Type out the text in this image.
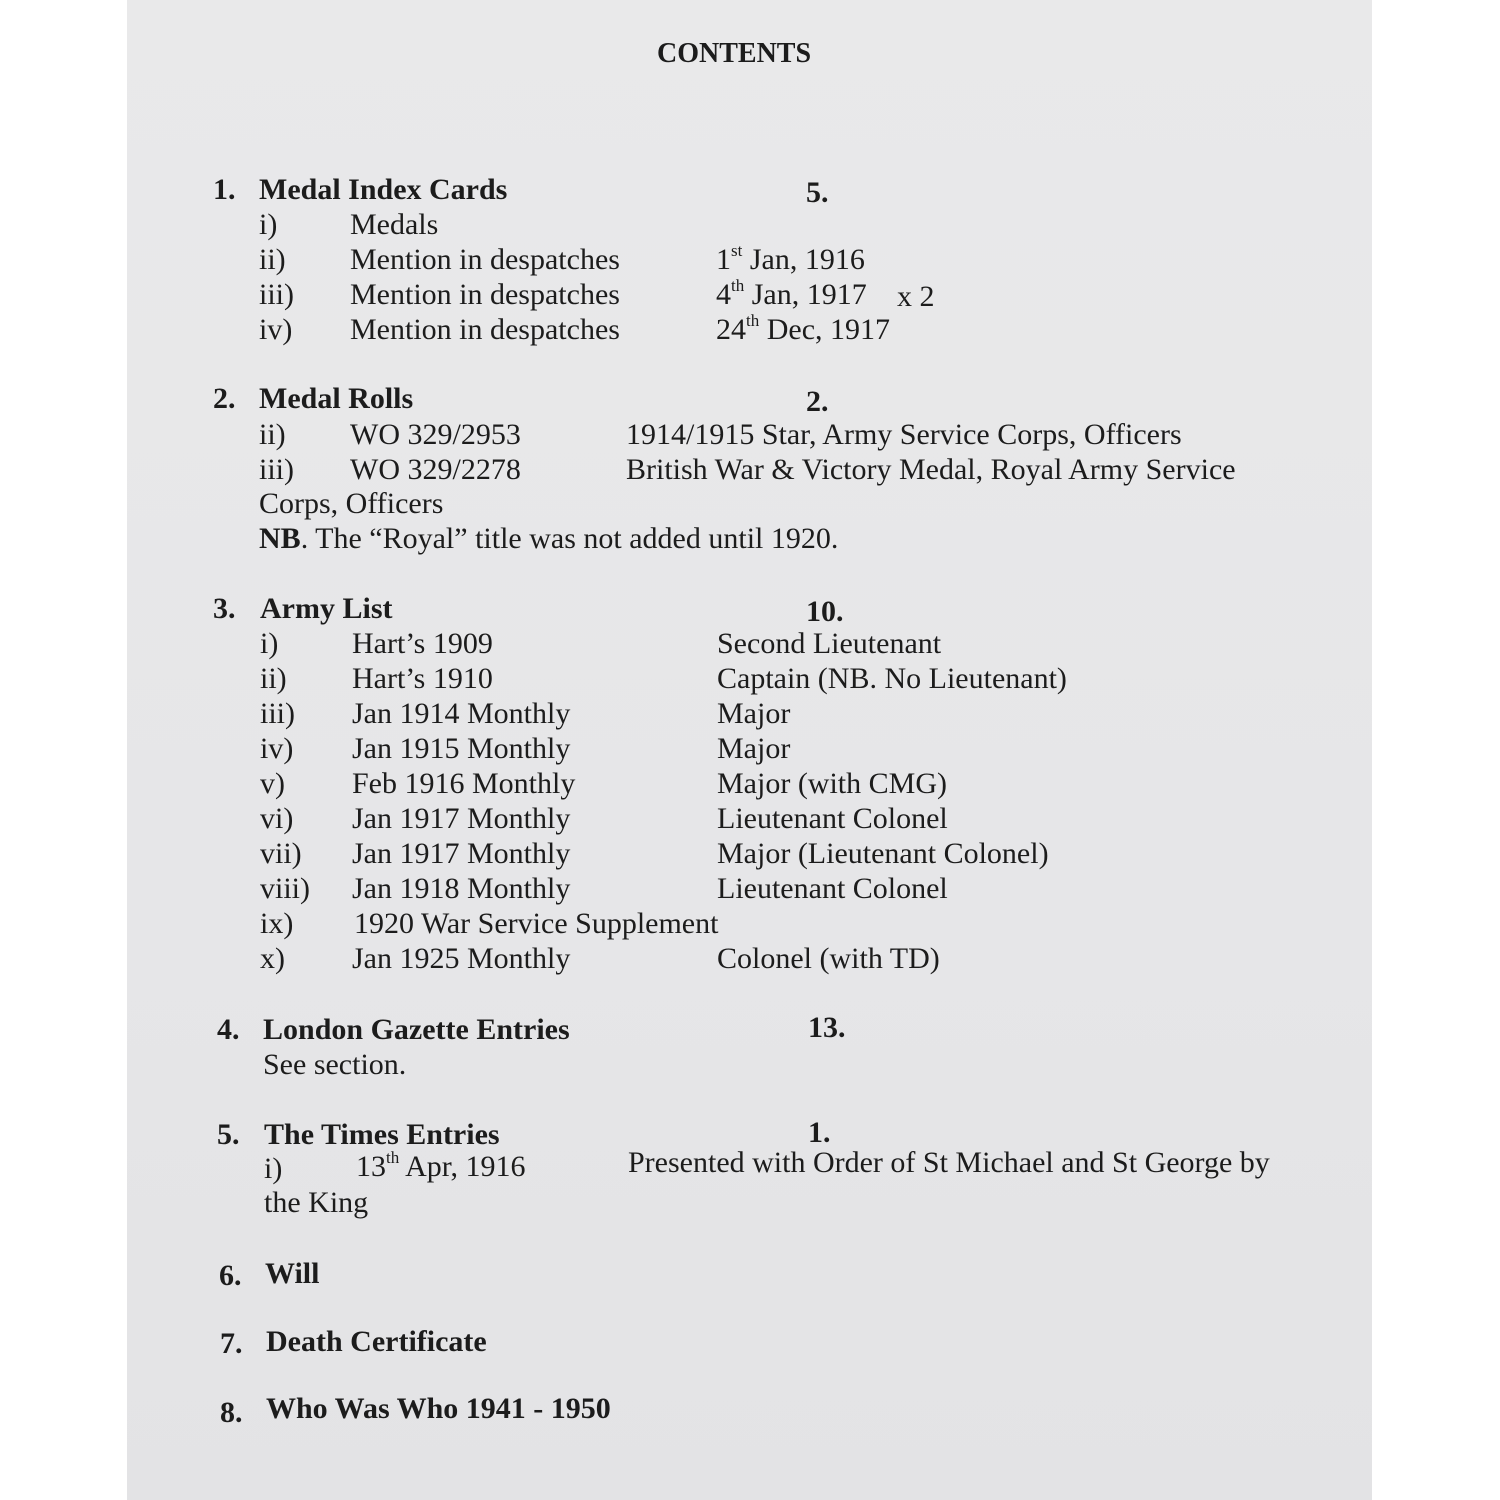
CONTENTS
1. Medal Index Cards	5.
i) Medals
ii) Mention in despatches	1st Jan, 1916
iii) Mention in despatches	4th Jan, 1917 x 2
iv) Mention in despatches	24th Dec, 1917
2. Medal Rolls	2.
ii) WO 329/2953	1914/1915 Star, Army Service Corps, Officers
iii) WO 329/2278	British War & Victory Medal, Royal Army Service
Corps, Officers
NB. The “Royal” title was not added until 1920.
3. Army List	10.
i) Hart’s 1909	Second Lieutenant
ii) Hart’s 1910	Captain (NB. No Lieutenant)
iii) Jan 1914 Monthly	Major
iv) Jan 1915 Monthly	Major
v) Feb 1916 Monthly	Major (with CMG)
vi) Jan 1917 Monthly	Lieutenant Colonel
vii) Jan 1917 Monthly	Major (Lieutenant Colonel)
viii) Jan 1918 Monthly	Lieutenant Colonel
ix) 1920 War Service Supplement
x) Jan 1925 Monthly	Colonel (with TD)
4. London Gazette Entries	13.
See section.
5. The Times Entries	1.
i) 13th Apr, 1916	Presented with Order of St Michael and St George by
the King
6. Will
7. Death Certificate
8. Who Was Who 1941 - 1950
